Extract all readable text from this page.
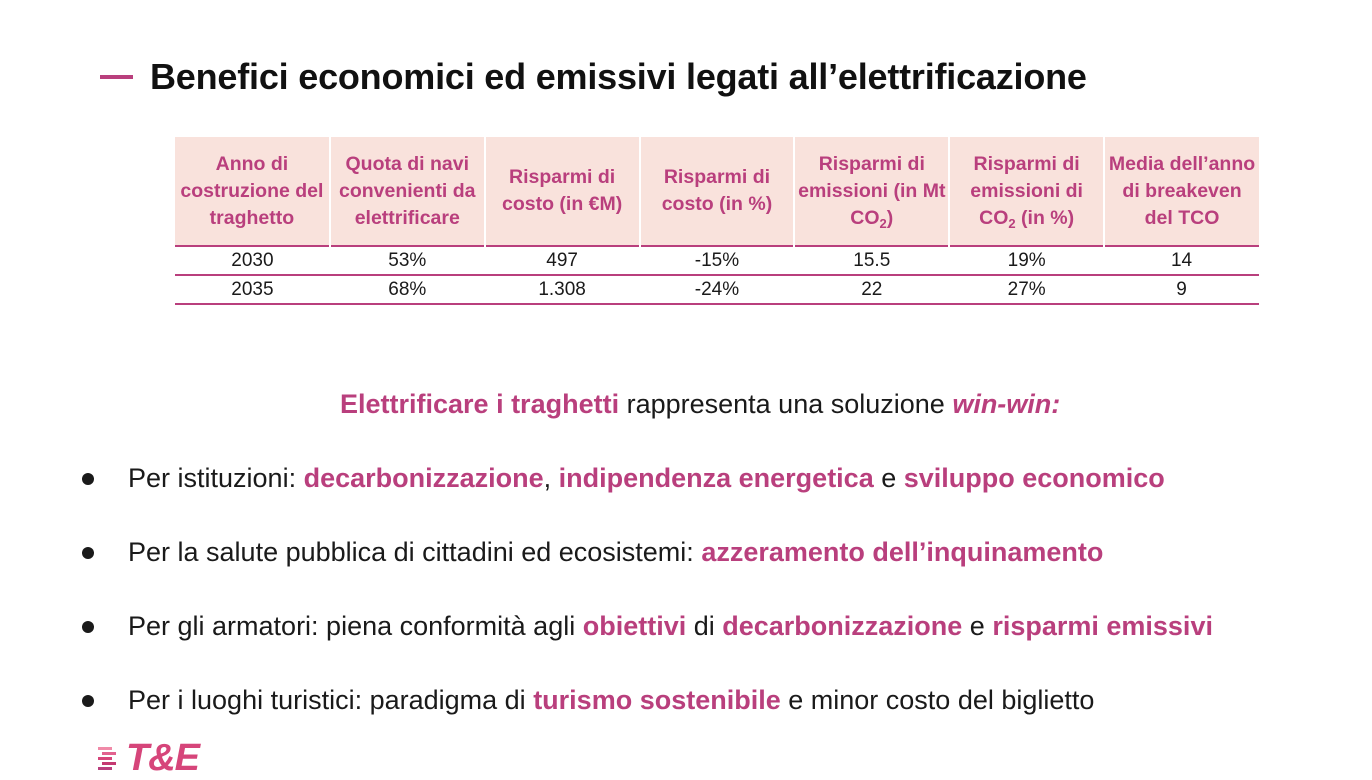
Benefici economici ed emissivi legati all’elettrificazione
Anno di costruzione del traghetto	Quota di navi convenienti da elettrificare	Risparmi di costo (in €M)	Risparmi di costo (in %)	Risparmi di emissioni (in Mt $CO_2$)	Risparmi di emissioni di $CO_2$ (in %)	Media dell’anno di breakeven del TCO
2030	53%	497	-15%	15.5	19%	14
2035	68%	1.308	-24%	22	27%	9
Elettrificare i traghetti rappresenta una soluzione win-win:
Per istituzioni: decarbonizzazione, indipendenza energetica e sviluppo economico
Per la salute pubblica di cittadini ed ecosistemi: azzeramento dell’inquinamento
Per gli armatori: piena conformità agli obiettivi di decarbonizzazione e risparmi emissivi
Per i luoghi turistici: paradigma di turismo sostenibile e minor costo del biglietto
T&E
